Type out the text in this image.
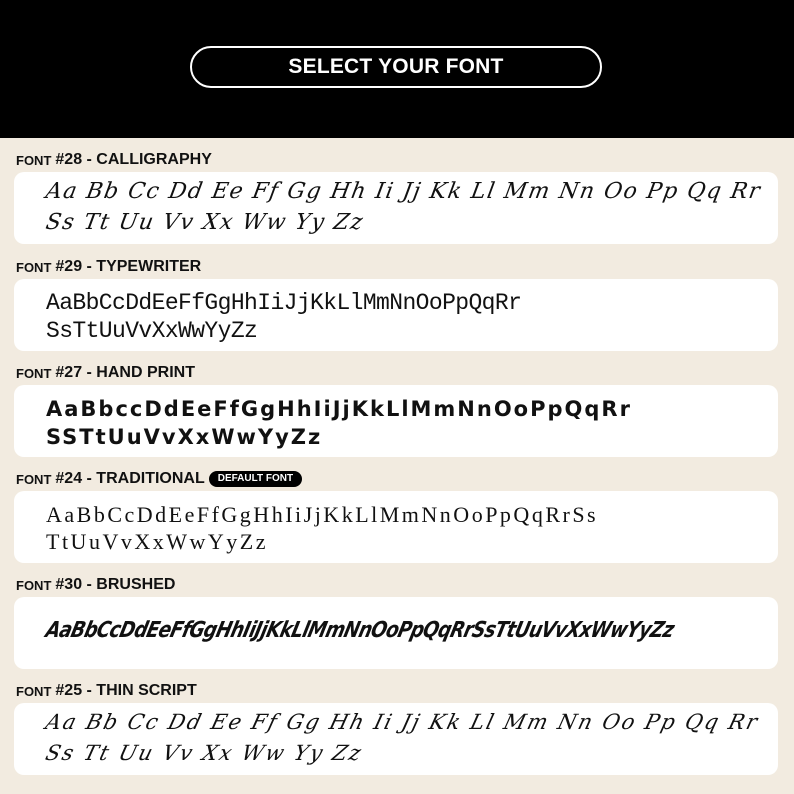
SELECT YOUR FONT
FONT #28 - CALLIGRAPHY
Aa Bb Cc Dd Ee Ff Gg Hh Ii Jj Kk Ll Mm Nn Oo Pp Qq Rr
Ss Tt Uu Vv Xx Ww Yy Zz
FONT #29 - TYPEWRITER
AaBbCcDdEeFfGgHhIiJjKkLlMmNnOoPpQqRr
SsTtUuVvXxWwYyZz
FONT #27 - HAND PRINT
AaBbccDdEeFfGgHhIiJjKkLlMmNnOoPpQqRr
SSTtUuVvXxWwYyZz
FONT #24 - TRADITIONAL	DEFAULT FONT
AaBbCcDdEeFfGgHhIiJjKkLlMmNnOoPpQqRrSs
TtUuVvXxWwYyZz
FONT #30 - BRUSHED
AaBbCcDdEeFfGgHhIiJjKkLlMmNnOoPpQqRrSsTtUuVvXxWwYyZz
FONT #25 - THIN SCRIPT
Aa Bb Cc Dd Ee Ff Gg Hh Ii Jj Kk Ll Mm Nn Oo Pp Qq Rr
Ss Tt Uu Vv Xx Ww Yy Zz
